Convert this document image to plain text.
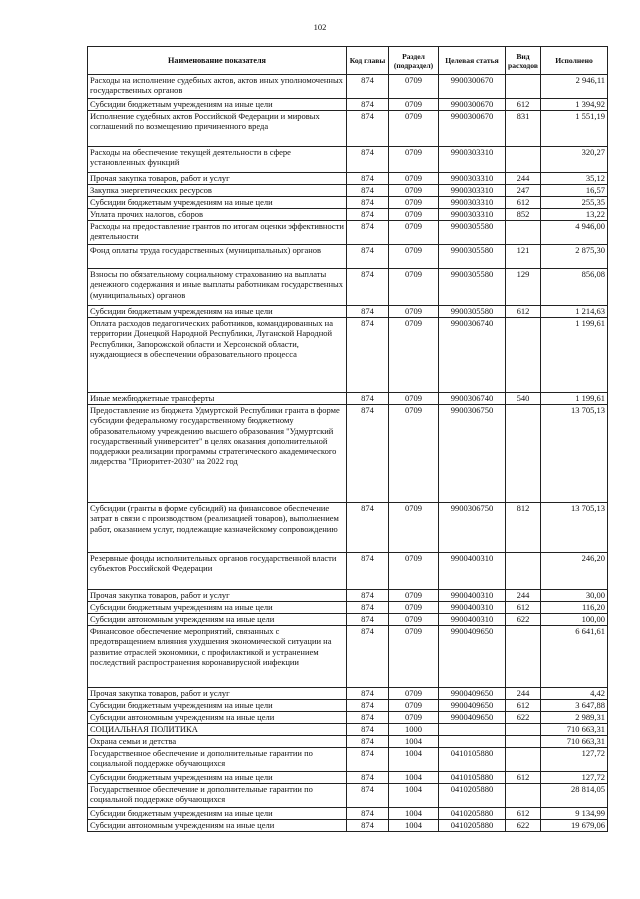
102
Наименование показателя	Код главы	Раздел (подраздел)	Целевая статья	Вид расходов	Исполнено
Расходы на исполнение судебных актов, актов иных уполномоченных государственных органов	874	0709	9900300670		2 946,11
Субсидии бюджетным учреждениям на иные цели	874	0709	9900300670	612	1 394,92
Исполнение судебных актов Российской Федерации и мировых соглашений по возмещению причиненного вреда	874	0709	9900300670	831	1 551,19
Расходы на обеспечение текущей деятельности в сфере установленных функций	874	0709	9900303310		320,27
Прочая закупка товаров, работ и услуг	874	0709	9900303310	244	35,12
Закупка энергетических ресурсов	874	0709	9900303310	247	16,57
Субсидии бюджетным учреждениям на иные цели	874	0709	9900303310	612	255,35
Уплата прочих налогов, сборов	874	0709	9900303310	852	13,22
Расходы на предоставление грантов по итогам оценки эффективности деятельности	874	0709	9900305580		4 946,00
Фонд оплаты труда государственных (муниципальных) органов	874	0709	9900305580	121	2 875,30
Взносы по обязательному социальному страхованию на выплаты денежного содержания и иные выплаты работникам государственных (муниципальных) органов	874	0709	9900305580	129	856,08
Субсидии бюджетным учреждениям на иные цели	874	0709	9900305580	612	1 214,63
Оплата расходов педагогических работников, командированных на территории Донецкой Народной Республики, Луганской Народной Республики, Запорожской области и Херсонской области, нуждающиеся в обеспечении образовательного процесса	874	0709	9900306740		1 199,61
Иные межбюджетные трансферты	874	0709	9900306740	540	1 199,61
Предоставление из бюджета Удмуртской Республики гранта в форме субсидии федеральному государственному бюджетному образовательному учреждению высшего образования "Удмуртский государственный университет" в целях оказания дополнительной поддержки реализации программы стратегического академического лидерства "Приоритет-2030" на 2022 год	874	0709	9900306750		13 705,13
Субсидии (гранты в форме субсидий) на финансовое обеспечение затрат в связи с производством (реализацией товаров), выполнением работ, оказанием услуг, подлежащие казначейскому сопровождению	874	0709	9900306750	812	13 705,13
Резервные фонды исполнительных органов государственной власти субъектов Российской Федерации	874	0709	9900400310		246,20
Прочая закупка товаров, работ и услуг	874	0709	9900400310	244	30,00
Субсидии бюджетным учреждениям на иные цели	874	0709	9900400310	612	116,20
Субсидии автономным учреждениям на иные цели	874	0709	9900400310	622	100,00
Финансовое обеспечение мероприятий, связанных с предотвращением влияния ухудшения экономической ситуации на развитие отраслей экономики, с профилактикой и устранением последствий распространения коронавирусной инфекции	874	0709	9900409650		6 641,61
Прочая закупка товаров, работ и услуг	874	0709	9900409650	244	4,42
Субсидии бюджетным учреждениям на иные цели	874	0709	9900409650	612	3 647,88
Субсидии автономным учреждениям на иные цели	874	0709	9900409650	622	2 989,31
СОЦИАЛЬНАЯ ПОЛИТИКА	874	1000			710 663,31
Охрана семьи и детства	874	1004			710 663,31
Государственное обеспечение и дополнительные гарантии по социальной поддержке обучающихся	874	1004	0410105880		127,72
Субсидии бюджетным учреждениям на иные цели	874	1004	0410105880	612	127,72
Государственное обеспечение и дополнительные гарантии по социальной поддержке обучающихся	874	1004	0410205880		28 814,05
Субсидии бюджетным учреждениям на иные цели	874	1004	0410205880	612	9 134,99
Субсидии автономным учреждениям на иные цели	874	1004	0410205880	622	19 679,06
